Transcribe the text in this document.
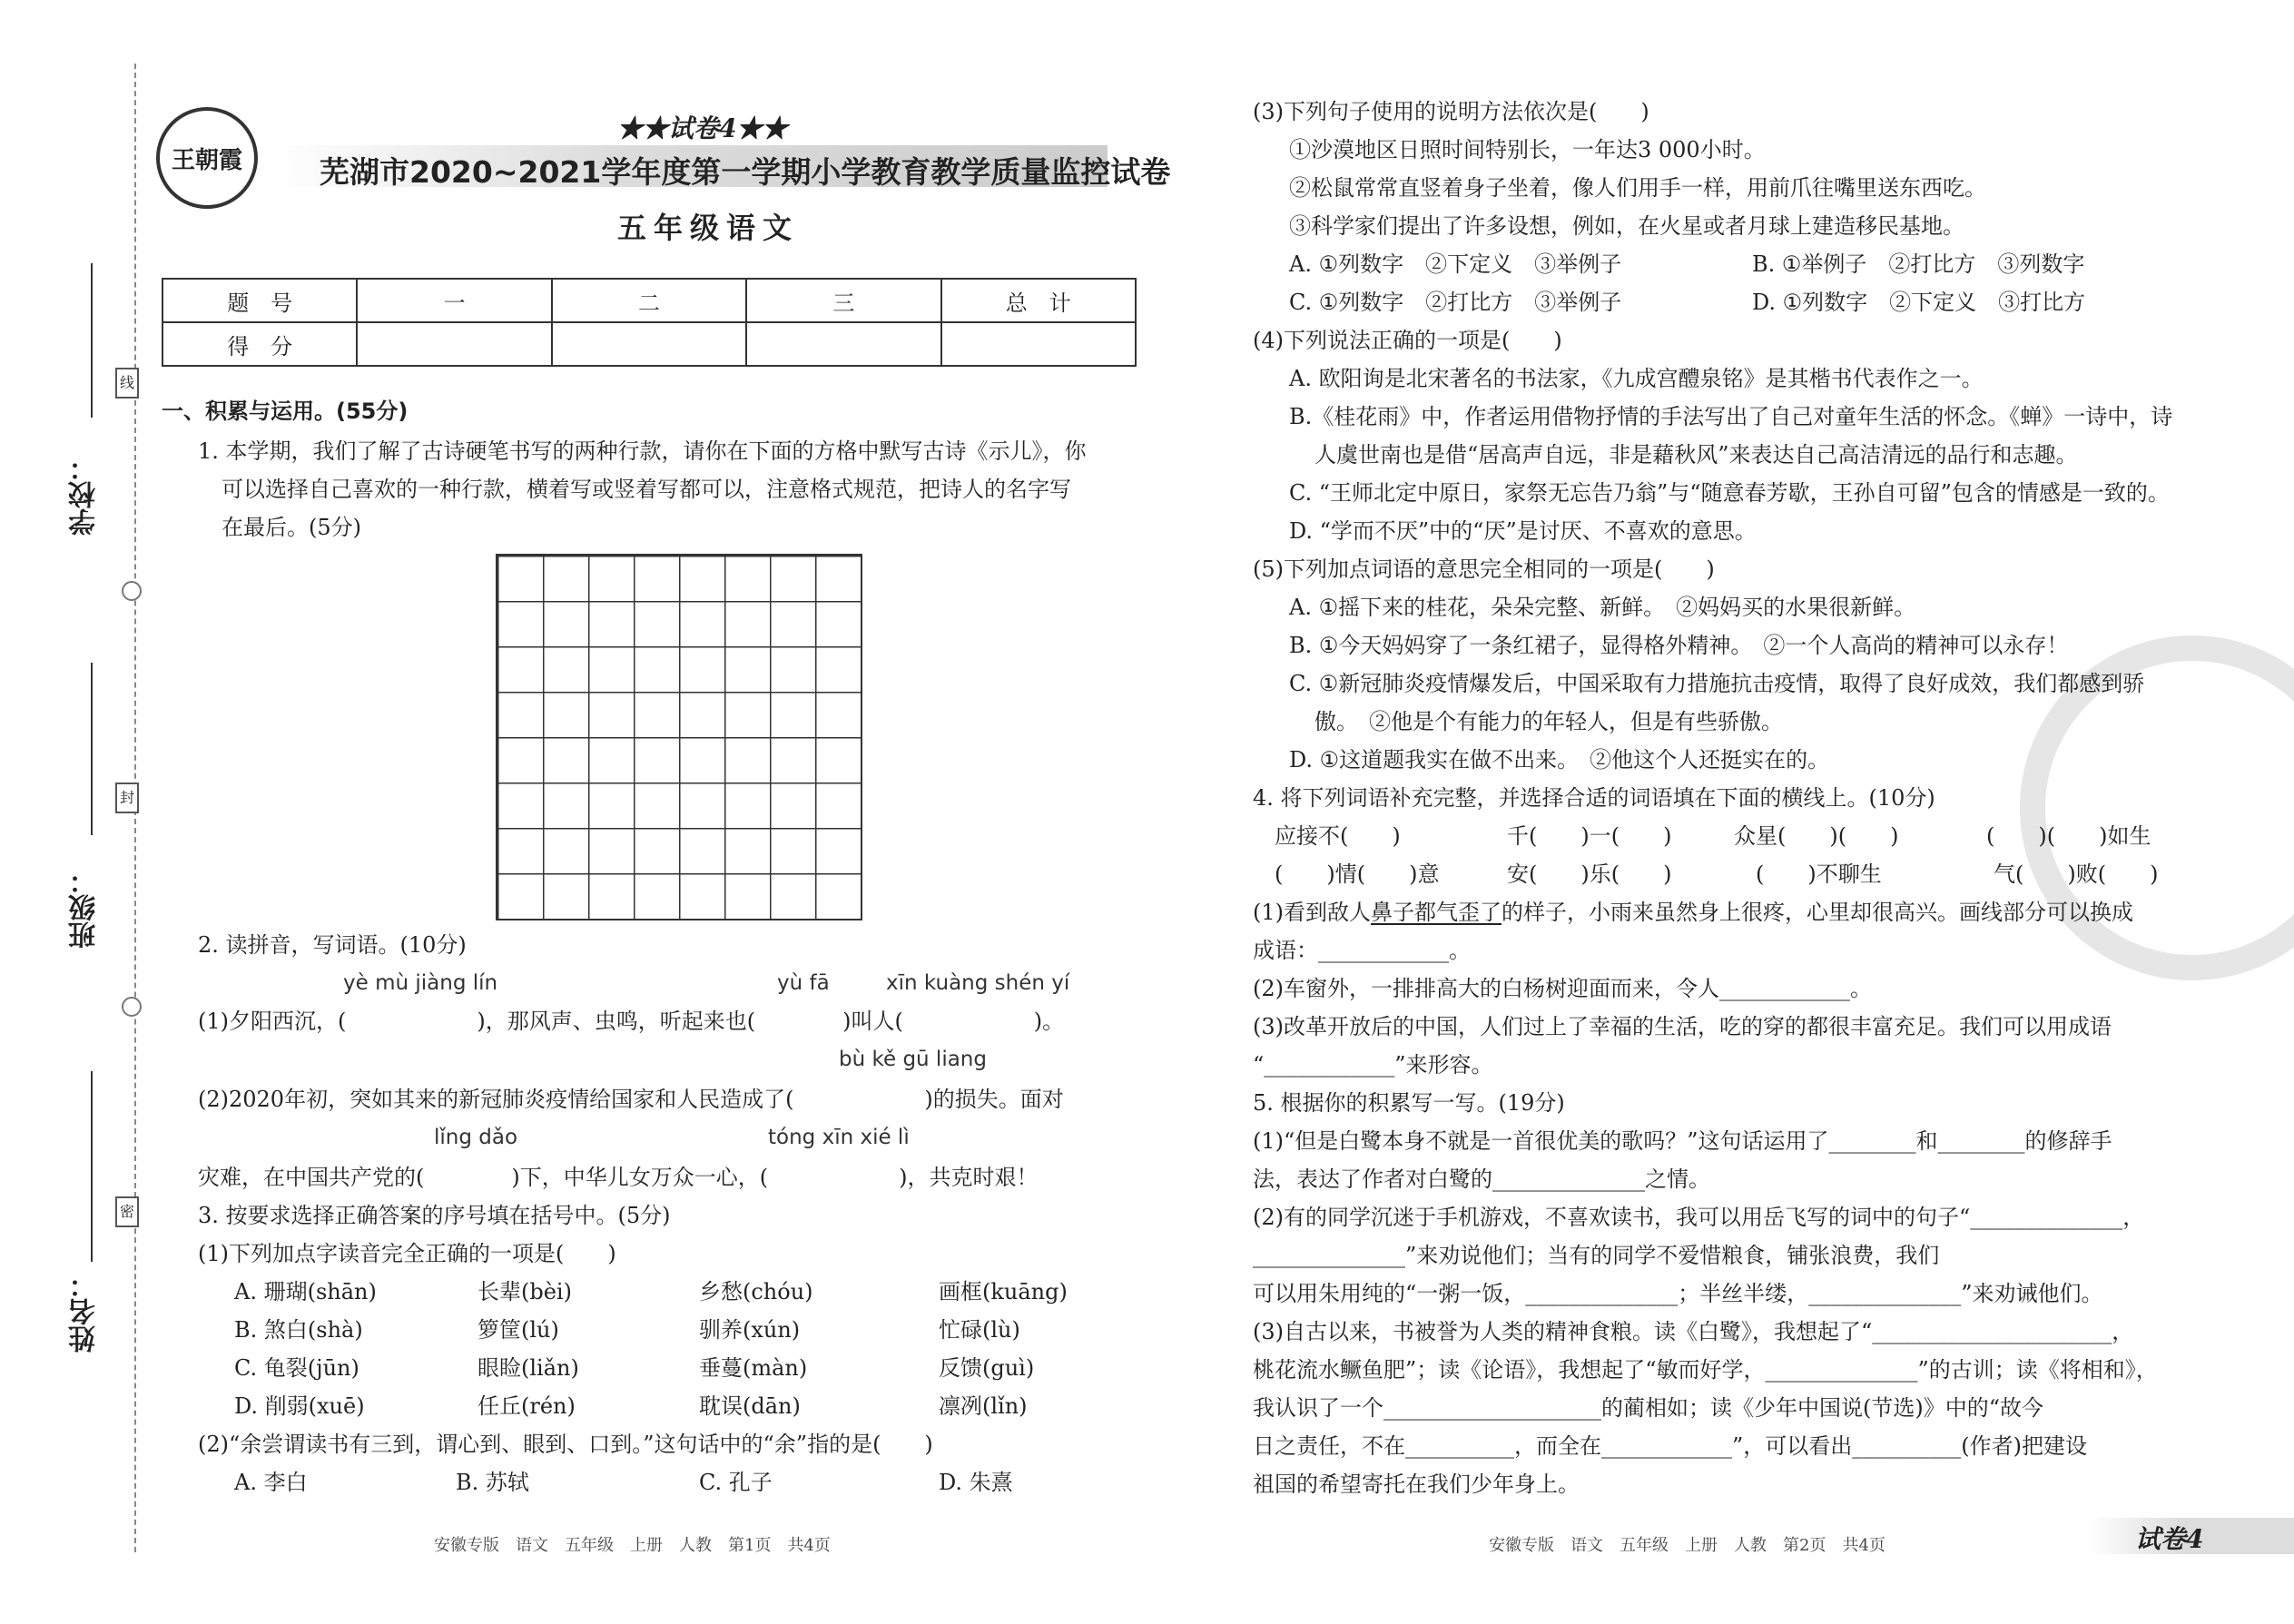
学校：
班级：
姓名：
线
封
密
王朝霞
★★试卷4★★
芜湖市2020~2021学年度第一学期小学教育教学质量监控试卷
五年级语文
题　号	一	二	三	总　计
得　分				
一、积累与运用。(55分)
1. 本学期，我们了解了古诗硬笔书写的两种行款，请你在下面的方格中默写古诗《示儿》，你
可以选择自己喜欢的一种行款，横着写或竖着写都可以，注意格式规范，把诗人的名字写
在最后。(5分)
2. 读拼音，写词语。(10分)
yè mù jiàng lín	yù fā	xīn kuàng shén yí
(1)夕阳西沉，(　　　　　　)，那风声、虫鸣，听起来也(　　　　)叫人(　　　　　　)。
bù kě gū liang
(2)2020年初，突如其来的新冠肺炎疫情给国家和人民造成了(　　　　　　)的损失。面对
lǐng dǎo	tóng xīn xié lì
灾难，在中国共产党的(　　　　)下，中华儿女万众一心，(　　　　　　)，共克时艰！
3. 按要求选择正确答案的序号填在括号中。(5分)
(1)下列加点字读音完全正确的一项是(　　)
A. 珊瑚(shān)	长辈(bèi)	乡愁(chóu)	画框(kuāng)
B. 煞白(shà)	箩筐(lú)	驯养(xún)	忙碌(lù)
C. 龟裂(jūn)	眼睑(liǎn)	垂蔓(màn)	反馈(guì)
D. 削弱(xuē)	任丘(rén)	耽误(dān)	凛冽(lǐn)
(2)“余尝谓读书有三到，谓心到、眼到、口到。”这句话中的“余”指的是(　　)
A. 李白	B. 苏轼	C. 孔子	D. 朱熹
安徽专版　语文　五年级　上册　人教　第1页　共4页
(3)下列句子使用的说明方法依次是(　　)
①沙漠地区日照时间特别长，一年达3 000小时。
②松鼠常常直竖着身子坐着，像人们用手一样，用前爪往嘴里送东西吃。
③科学家们提出了许多设想，例如，在火星或者月球上建造移民基地。
A. ①列数字　②下定义　③举例子	B. ①举例子　②打比方　③列数字
C. ①列数字　②打比方　③举例子	D. ①列数字　②下定义　③打比方
(4)下列说法正确的一项是(　　)
A. 欧阳询是北宋著名的书法家，《九成宫醴泉铭》是其楷书代表作之一。
B.《桂花雨》中，作者运用借物抒情的手法写出了自己对童年生活的怀念。《蝉》一诗中，诗
人虞世南也是借“居高声自远，非是藉秋风”来表达自己高洁清远的品行和志趣。
C. “王师北定中原日，家祭无忘告乃翁”与“随意春芳歇，王孙自可留”包含的情感是一致的。
D. “学而不厌”中的“厌”是讨厌、不喜欢的意思。
(5)下列加点词语的意思完全相同的一项是(　　)
A. ①摇下来的桂花，朵朵完整、新鲜。　②妈妈买的水果很新鲜。
B. ①今天妈妈穿了一条红裙子，显得格外精神。　②一个人高尚的精神可以永存！
C. ①新冠肺炎疫情爆发后，中国采取有力措施抗击疫情，取得了良好成效，我们都感到骄
傲。　②他是个有能力的年轻人，但是有些骄傲。
D. ①这道题我实在做不出来。　②他这个人还挺实在的。
4. 将下列词语补充完整，并选择合适的词语填在下面的横线上。(10分)
应接不(　　)	千(　　)一(　　)	众星(　　)(　　)	(　　)(　　)如生
(　　)情(　　)意	安(　　)乐(　　)	(　　)不聊生	气(　　)败(　　)
(1)看到敌人鼻子都气歪了的样子，小雨来虽然身上很疼，心里却很高兴。画线部分可以换成
成语：____________。
(2)车窗外，一排排高大的白杨树迎面而来，令人____________。
(3)改革开放后的中国，人们过上了幸福的生活，吃的穿的都很丰富充足。我们可以用成语
“____________”来形容。
5. 根据你的积累写一写。(19分)
(1)“但是白鹭本身不就是一首很优美的歌吗？”这句话运用了________和________的修辞手
法，表达了作者对白鹭的______________之情。
(2)有的同学沉迷于手机游戏，不喜欢读书，我可以用岳飞写的词中的句子“______________，
______________”来劝说他们；当有的同学不爱惜粮食，铺张浪费，我们
可以用朱用纯的“一粥一饭，______________；半丝半缕，______________”来劝诫他们。
(3)自古以来，书被誉为人类的精神食粮。读《白鹭》，我想起了“______________________，
桃花流水鳜鱼肥”；读《论语》，我想起了“敏而好学，______________”的古训；读《将相和》，
我认识了一个____________________的蔺相如；读《少年中国说(节选)》中的“故今
日之责任，不在__________，而全在____________”，可以看出__________(作者)把建设
祖国的希望寄托在我们少年身上。
安徽专版　语文　五年级　上册　人教　第2页　共4页	试卷4
